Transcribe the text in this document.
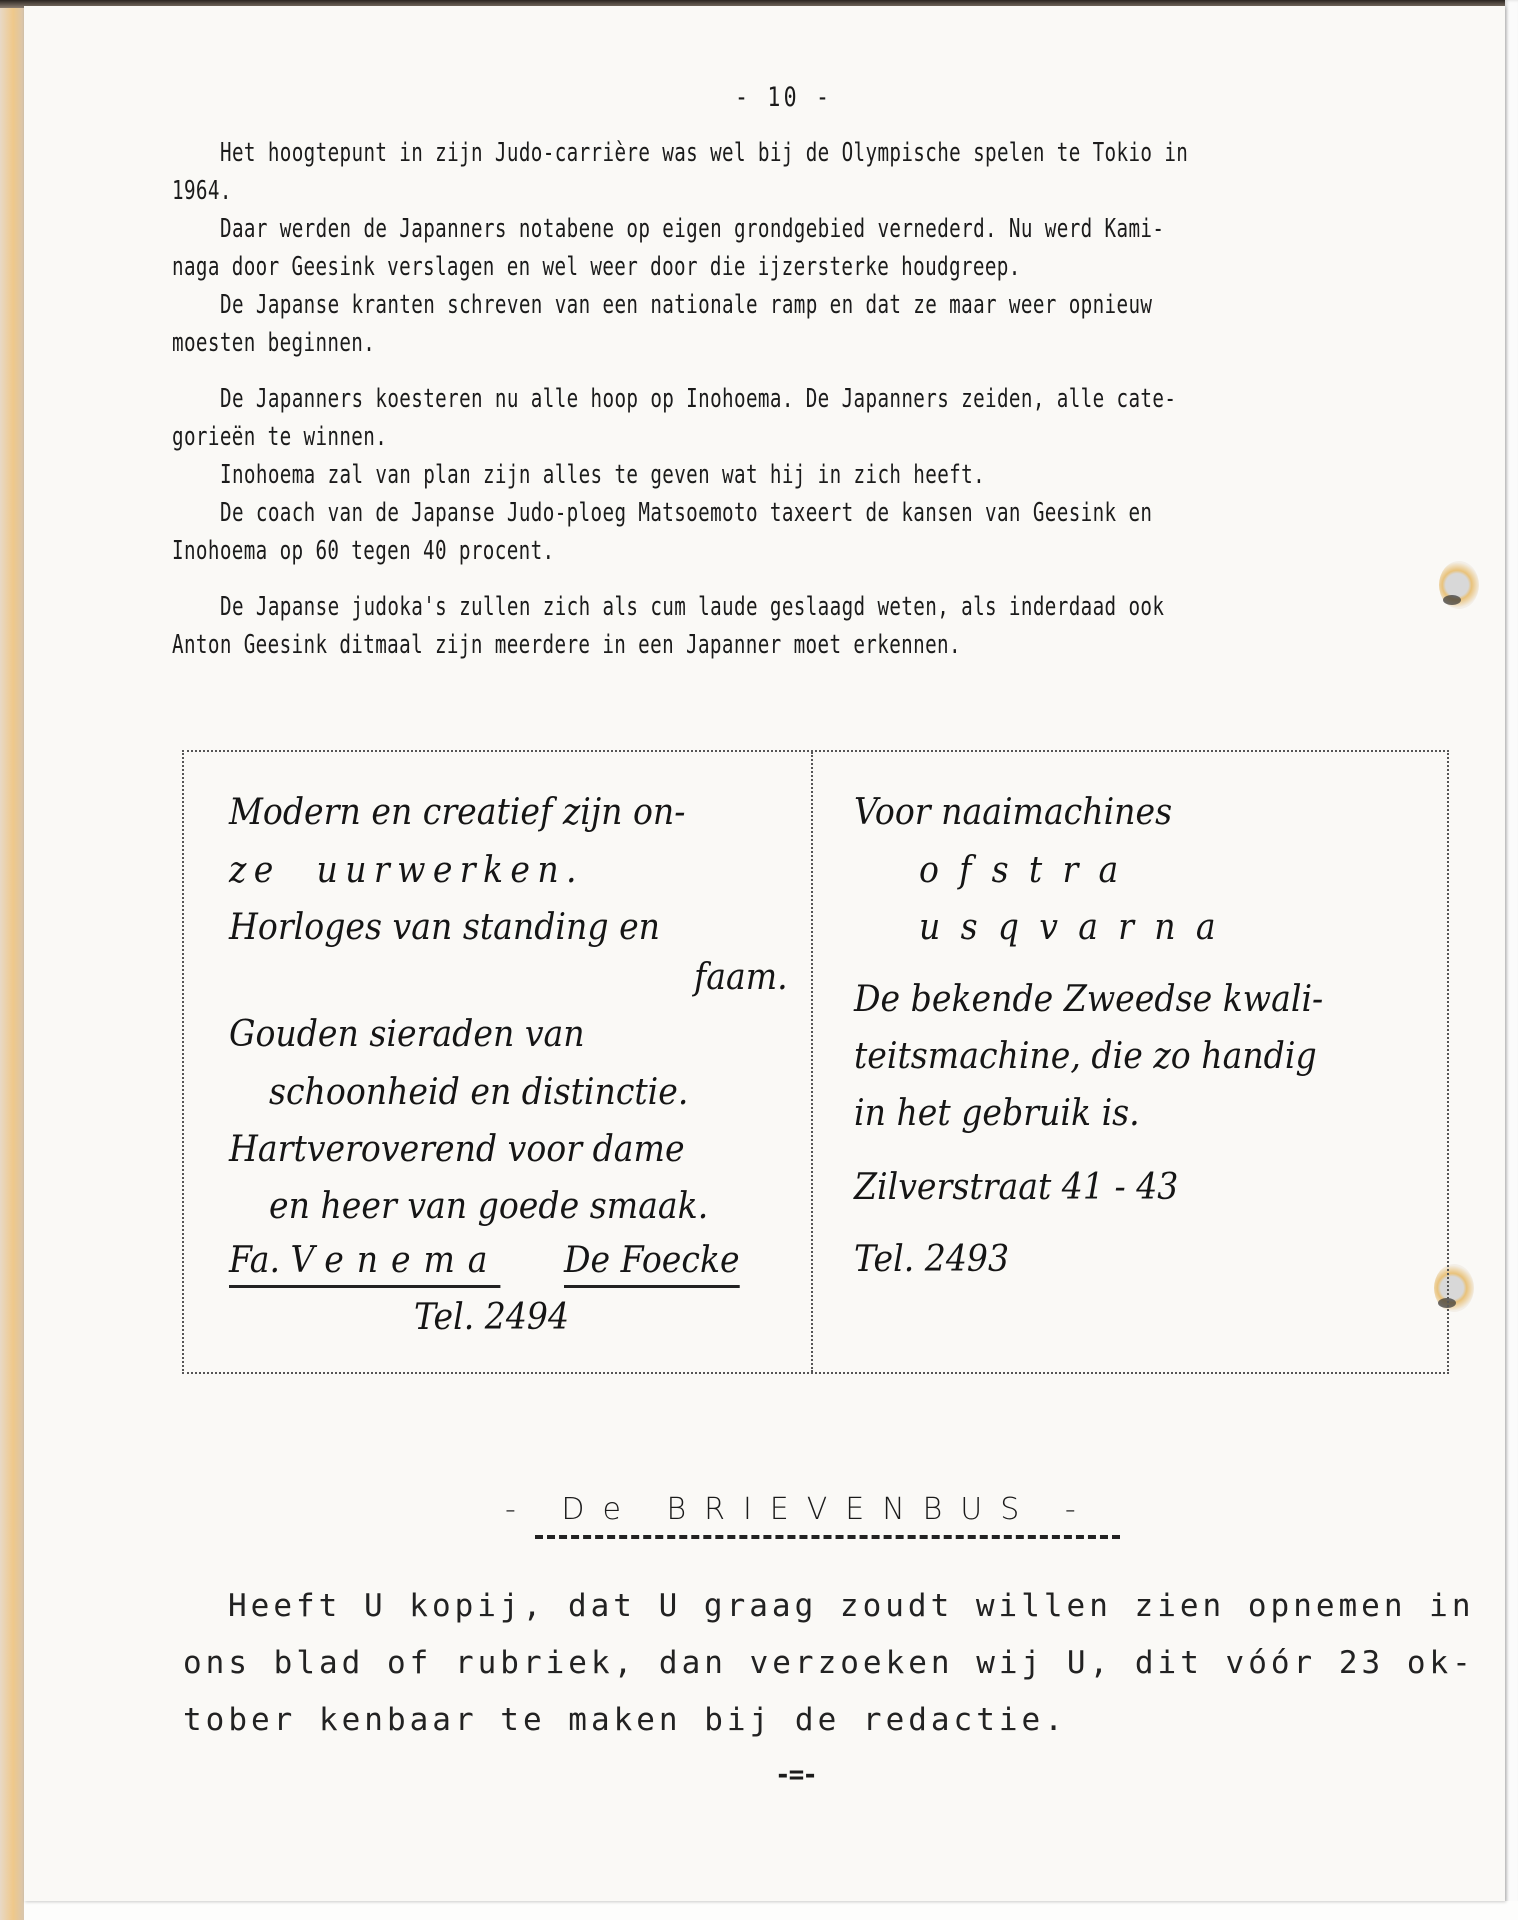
- 10 -
Het hoogtepunt in zijn Judo-carrière was wel bij de Olympische spelen te Tokio in
1964.
Daar werden de Japanners notabene op eigen grondgebied vernederd. Nu werd Kami-
naga door Geesink verslagen en wel weer door die ijzersterke houdgreep.
De Japanse kranten schreven van een nationale ramp en dat ze maar weer opnieuw
moesten beginnen.
De Japanners koesteren nu alle hoop op Inohoema. De Japanners zeiden, alle cate-
gorieën te winnen.
Inohoema zal van plan zijn alles te geven wat hij in zich heeft.
De coach van de Japanse Judo-ploeg Matsoemoto taxeert de kansen van Geesink en
Inohoema op 60 tegen 40 procent.
De Japanse judoka's zullen zich als cum laude geslaagd weten, als inderdaad ook
Anton Geesink ditmaal zijn meerdere in een Japanner moet erkennen.
Modern en creatief zijn on-
ze  uurwerken.
Horloges van standing en
faam.
Gouden sieraden van
schoonheid en distinctie.
Hartveroverend voor dame
en heer van goede smaak.
Fa. Venema De Foecke
Tel. 2494
Voor naaimachines
ofstra
usqvarna
De bekende Zweedse kwali-
teitsmachine, die zo handig
in het gebruik is.
Zilverstraat 41 - 43
Tel. 2493
- De BRIEVENBUS -
Heeft U kopij, dat U graag zoudt willen zien opnemen in
ons blad of rubriek, dan verzoeken wij U, dit vóór 23 ok-
tober kenbaar te maken bij de redactie.
-=-
